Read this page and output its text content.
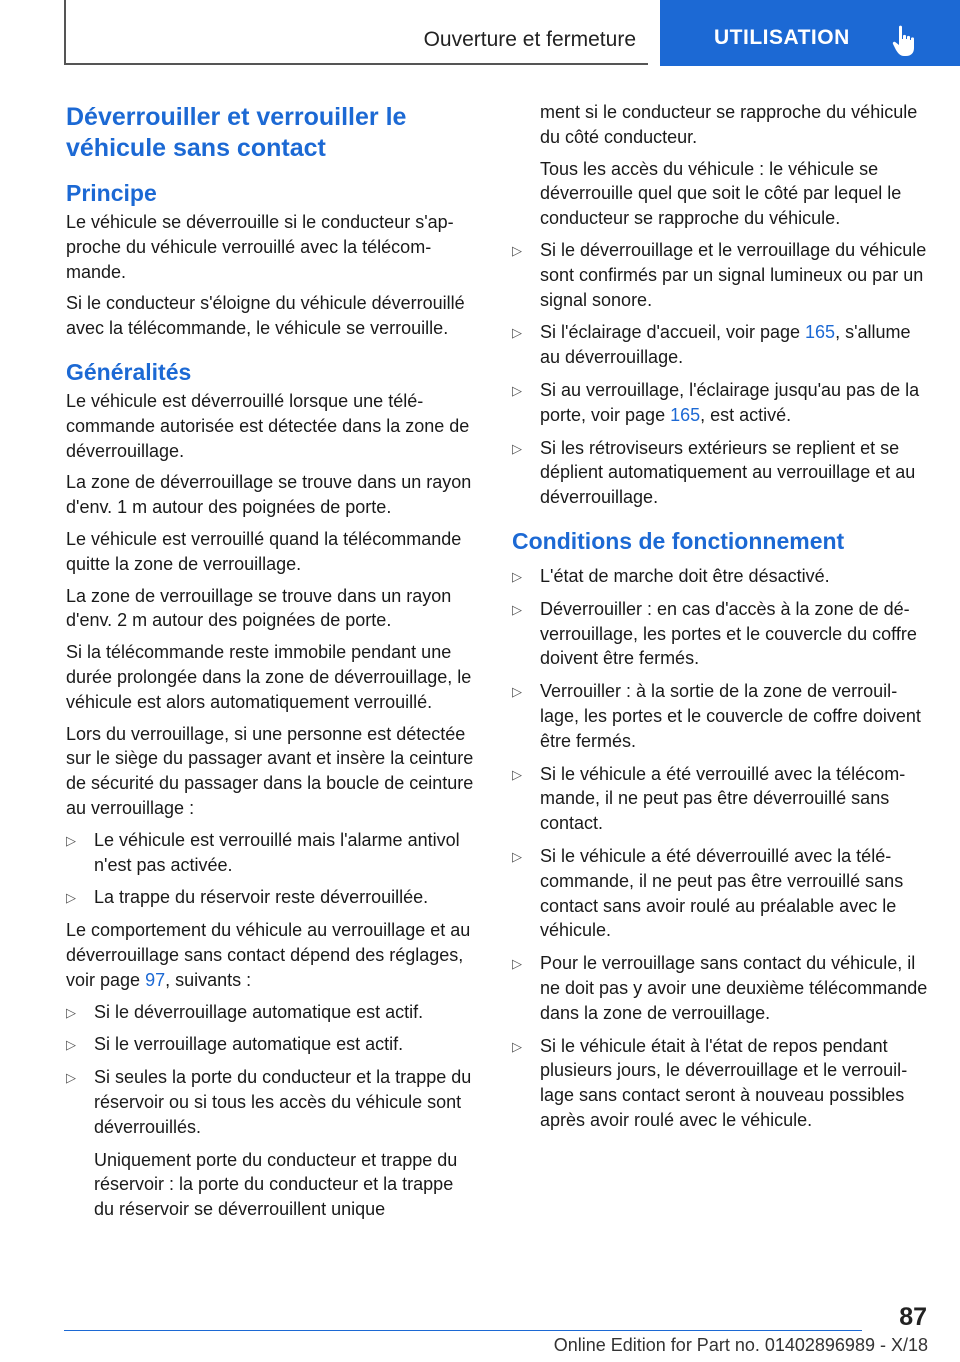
Ouverture et fermeture	UTILISATION
Déverrouiller et verrouiller le véhicule sans contact
Principe

Le véhicule se déverrouille si le conducteur s'approche du véhicule verrouillé avec la télécommande.

Si le conducteur s'éloigne du véhicule déverrouillé avec la télécommande, le véhicule se verrouille.

Généralités

Le véhicule est déverrouillé lorsque une télécommande autorisée est détectée dans la zone de déverrouillage.

La zone de déverrouillage se trouve dans un rayon d'env. 1 m autour des poignées de porte.

Le véhicule est verrouillé quand la télécommande quitte la zone de verrouillage.

La zone de verrouillage se trouve dans un rayon d'env. 2 m autour des poignées de porte.

Si la télécommande reste immobile pendant une durée prolongée dans la zone de déverrouillage, le véhicule est alors automatiquement verrouillé.

Lors du verrouillage, si une personne est détectée sur le siège du passager avant et insère la ceinture de sécurité du passager dans la boucle de ceinture au verrouillage :

▷ Le véhicule est verrouillé mais l'alarme antivol n'est pas activée.
▷ La trappe du réservoir reste déverrouillée.

Le comportement du véhicule au verrouillage et au déverrouillage sans contact dépend des réglages, voir page 97, suivants :

▷ Si le déverrouillage automatique est actif.
▷ Si le verrouillage automatique est actif.
▷ Si seules la porte du conducteur et la trappe du réservoir ou si tous les accès du véhicule sont déverrouillés.

Uniquement porte du conducteur et trappe du réservoir : la porte du conducteur et la trappe du réservoir se déverrouillent unique

ment si le conducteur se rapproche du véhicule du côté conducteur.

Tous les accès du véhicule : le véhicule se déverrouille quel que soit le côté par lequel le conducteur se rapproche du véhicule.

▷ Si le déverrouillage et le verrouillage du véhicule sont confirmés par un signal lumineux ou par un signal sonore.
▷ Si l'éclairage d'accueil, voir page 165, s'allume au déverrouillage.
▷ Si au verrouillage, l'éclairage jusqu'au pas de la porte, voir page 165, est activé.
▷ Si les rétroviseurs extérieurs se replient et se déplient automatiquement au verrouillage et au déverrouillage.
Conditions de fonctionnement
▷ L'état de marche doit être désactivé.
▷ Déverrouiller : en cas d'accès à la zone de déverrouillage, les portes et le couvercle du coffre doivent être fermés.
▷ Verrouiller : à la sortie de la zone de verrouillage, les portes et le couvercle de coffre doivent être fermés.
▷ Si le véhicule a été verrouillé avec la télécommande, il ne peut pas être déverrouillé sans contact.
▷ Si le véhicule a été déverrouillé avec la télécommande, il ne peut pas être verrouillé sans contact sans avoir roulé au préalable avec le véhicule.
▷ Pour le verrouillage sans contact du véhicule, il ne doit pas y avoir une deuxième télécommande dans la zone de verrouillage.
▷ Si le véhicule était à l'état de repos pendant plusieurs jours, le déverrouillage et le verrouillage sans contact seront à nouveau possibles après avoir roulé avec le véhicule.
87
Online Edition for Part no. 01402896989 - X/18
